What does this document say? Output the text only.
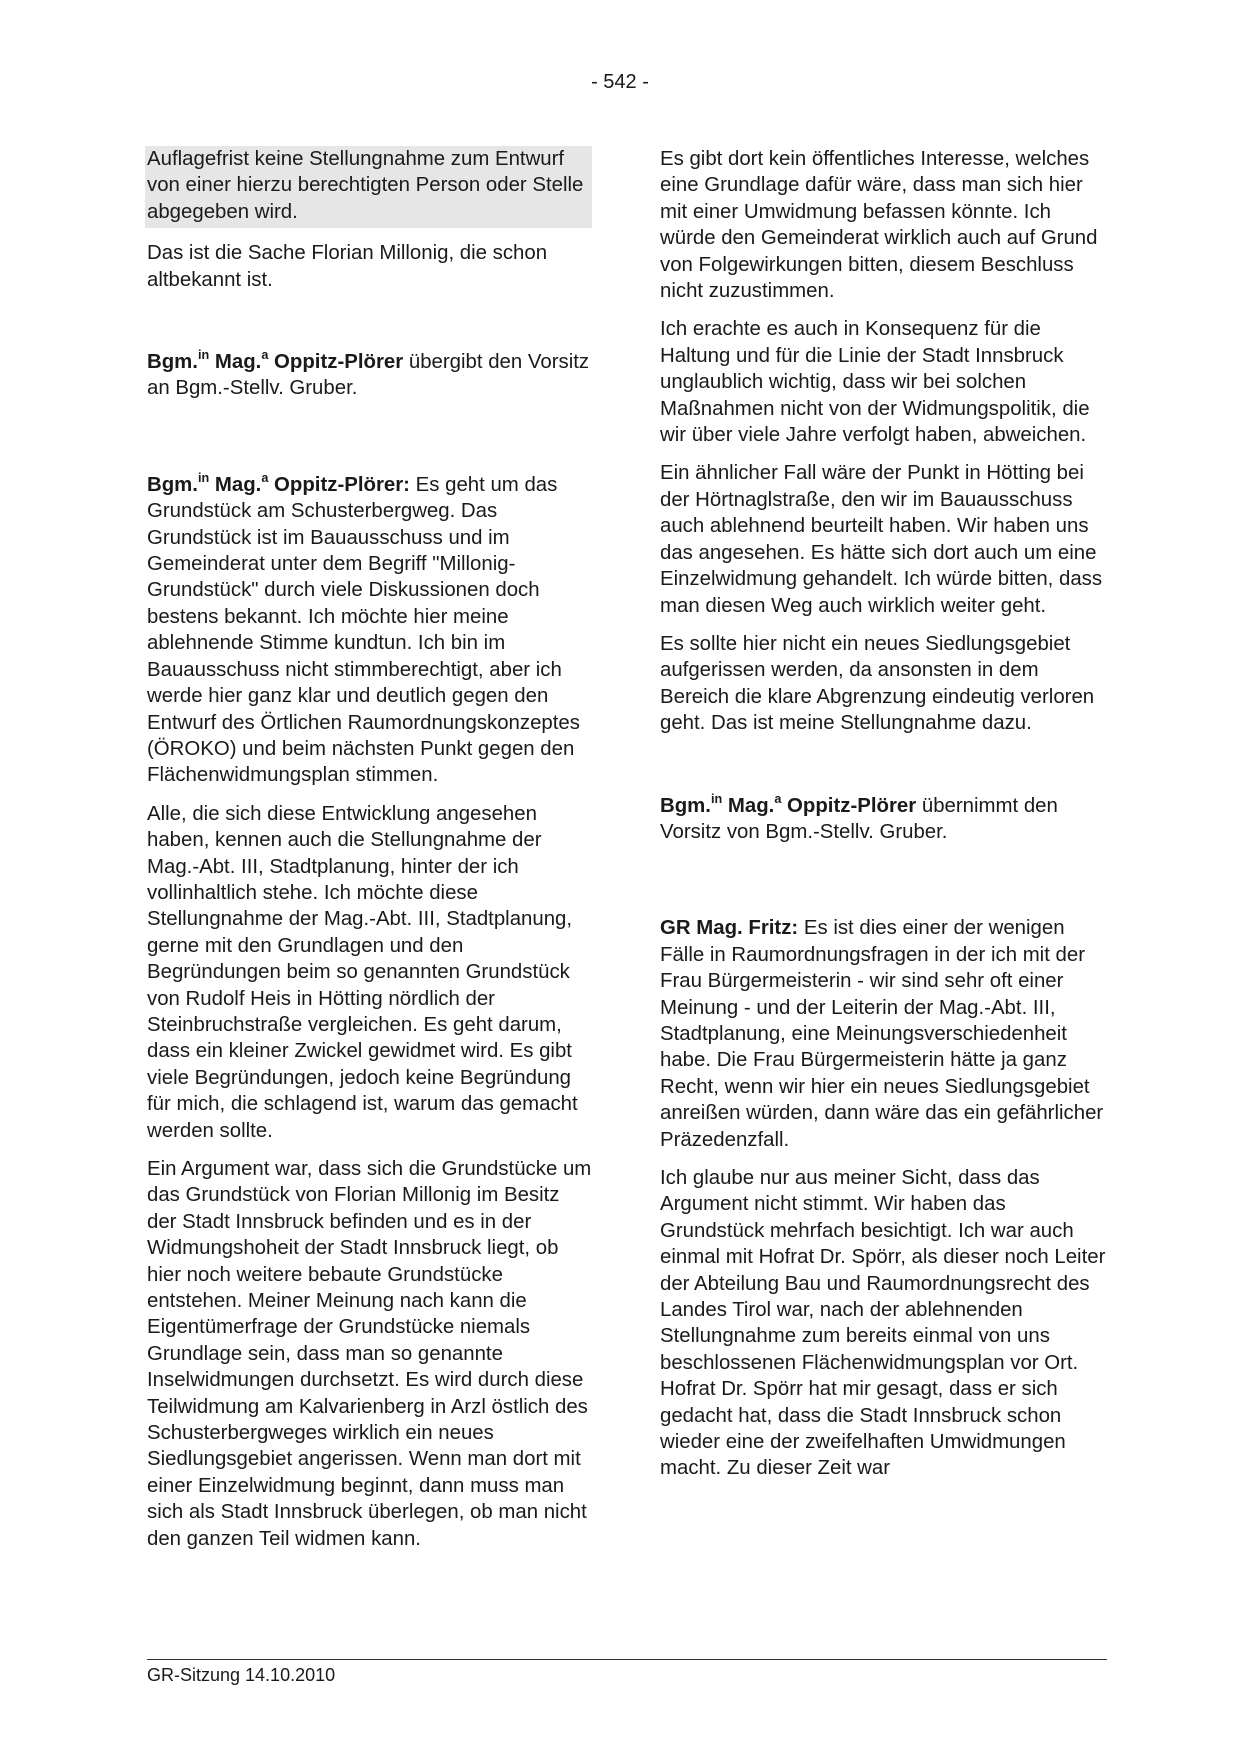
- 542 -

Auflagefrist keine Stellungnahme zum Entwurf von einer hierzu berechtigten Person oder Stelle abgegeben wird.

Das ist die Sache Florian Millonig, die schon altbekannt ist.

Bgm.$^{in}$ Mag.$^a$ Oppitz-Plörer übergibt den Vorsitz an Bgm.-Stellv. Gruber.

Bgm.$^{in}$ Mag.$^a$ Oppitz-Plörer: Es geht um das Grundstück am Schusterbergweg. Das Grundstück ist im Bauausschuss und im Gemeinderat unter dem Begriff "Millonig-Grundstück" durch viele Diskussionen doch bestens bekannt. Ich möchte hier meine ablehnende Stimme kundtun. Ich bin im Bauausschuss nicht stimmberechtigt, aber ich werde hier ganz klar und deutlich gegen den Entwurf des Örtlichen Raumordnungskonzeptes (ÖROKO) und beim nächsten Punkt gegen den Flächenwidmungsplan stimmen.

Alle, die sich diese Entwicklung angesehen haben, kennen auch die Stellungnahme der Mag.-Abt. III, Stadtplanung, hinter der ich vollinhaltlich stehe. Ich möchte diese Stellungnahme der Mag.-Abt. III, Stadtplanung, gerne mit den Grundlagen und den Begründungen beim so genannten Grundstück von Rudolf Heis in Hötting nördlich der Steinbruchstraße vergleichen. Es geht darum, dass ein kleiner Zwickel gewidmet wird. Es gibt viele Begründungen, jedoch keine Begründung für mich, die schlagend ist, warum das gemacht werden sollte.

Ein Argument war, dass sich die Grundstücke um das Grundstück von Florian Millonig im Besitz der Stadt Innsbruck befinden und es in der Widmungshoheit der Stadt Innsbruck liegt, ob hier noch weitere bebaute Grundstücke entstehen. Meiner Meinung nach kann die Eigentümerfrage der Grundstücke niemals Grundlage sein, dass man so genannte Inselwidmungen durchsetzt. Es wird durch diese Teilwidmung am Kalvarienberg in Arzl östlich des Schusterbergweges wirklich ein neues Siedlungsgebiet angerissen. Wenn man dort mit einer Einzelwidmung beginnt, dann muss man sich als Stadt Innsbruck überlegen, ob man nicht den ganzen Teil widmen kann.

Es gibt dort kein öffentliches Interesse, welches eine Grundlage dafür wäre, dass man sich hier mit einer Umwidmung befassen könnte. Ich würde den Gemeinderat wirklich auch auf Grund von Folgewirkungen bitten, diesem Beschluss nicht zuzustimmen.

Ich erachte es auch in Konsequenz für die Haltung und für die Linie der Stadt Innsbruck unglaublich wichtig, dass wir bei solchen Maßnahmen nicht von der Widmungspolitik, die wir über viele Jahre verfolgt haben, abweichen.

Ein ähnlicher Fall wäre der Punkt in Hötting bei der Hörtnaglstraße, den wir im Bauausschuss auch ablehnend beurteilt haben. Wir haben uns das angesehen. Es hätte sich dort auch um eine Einzelwidmung gehandelt. Ich würde bitten, dass man diesen Weg auch wirklich weiter geht.

Es sollte hier nicht ein neues Siedlungsgebiet aufgerissen werden, da ansonsten in dem Bereich die klare Abgrenzung eindeutig verloren geht. Das ist meine Stellungnahme dazu.

Bgm.$^{in}$ Mag.$^a$ Oppitz-Plörer übernimmt den Vorsitz von Bgm.-Stellv. Gruber.

GR Mag. Fritz: Es ist dies einer der wenigen Fälle in Raumordnungsfragen in der ich mit der Frau Bürgermeisterin - wir sind sehr oft einer Meinung - und der Leiterin der Mag.-Abt. III, Stadtplanung, eine Meinungsverschiedenheit habe. Die Frau Bürgermeisterin hätte ja ganz Recht, wenn wir hier ein neues Siedlungsgebiet anreißen würden, dann wäre das ein gefährlicher Präzedenzfall.

Ich glaube nur aus meiner Sicht, dass das Argument nicht stimmt. Wir haben das Grundstück mehrfach besichtigt. Ich war auch einmal mit Hofrat Dr. Spörr, als dieser noch Leiter der Abteilung Bau und Raumordnungsrecht des Landes Tirol war, nach der ablehnenden Stellungnahme zum bereits einmal von uns beschlossenen Flächenwidmungsplan vor Ort. Hofrat Dr. Spörr hat mir gesagt, dass er sich gedacht hat, dass die Stadt Innsbruck schon wieder eine der zweifelhaften Umwidmungen macht. Zu dieser Zeit war

GR-Sitzung 14.10.2010
